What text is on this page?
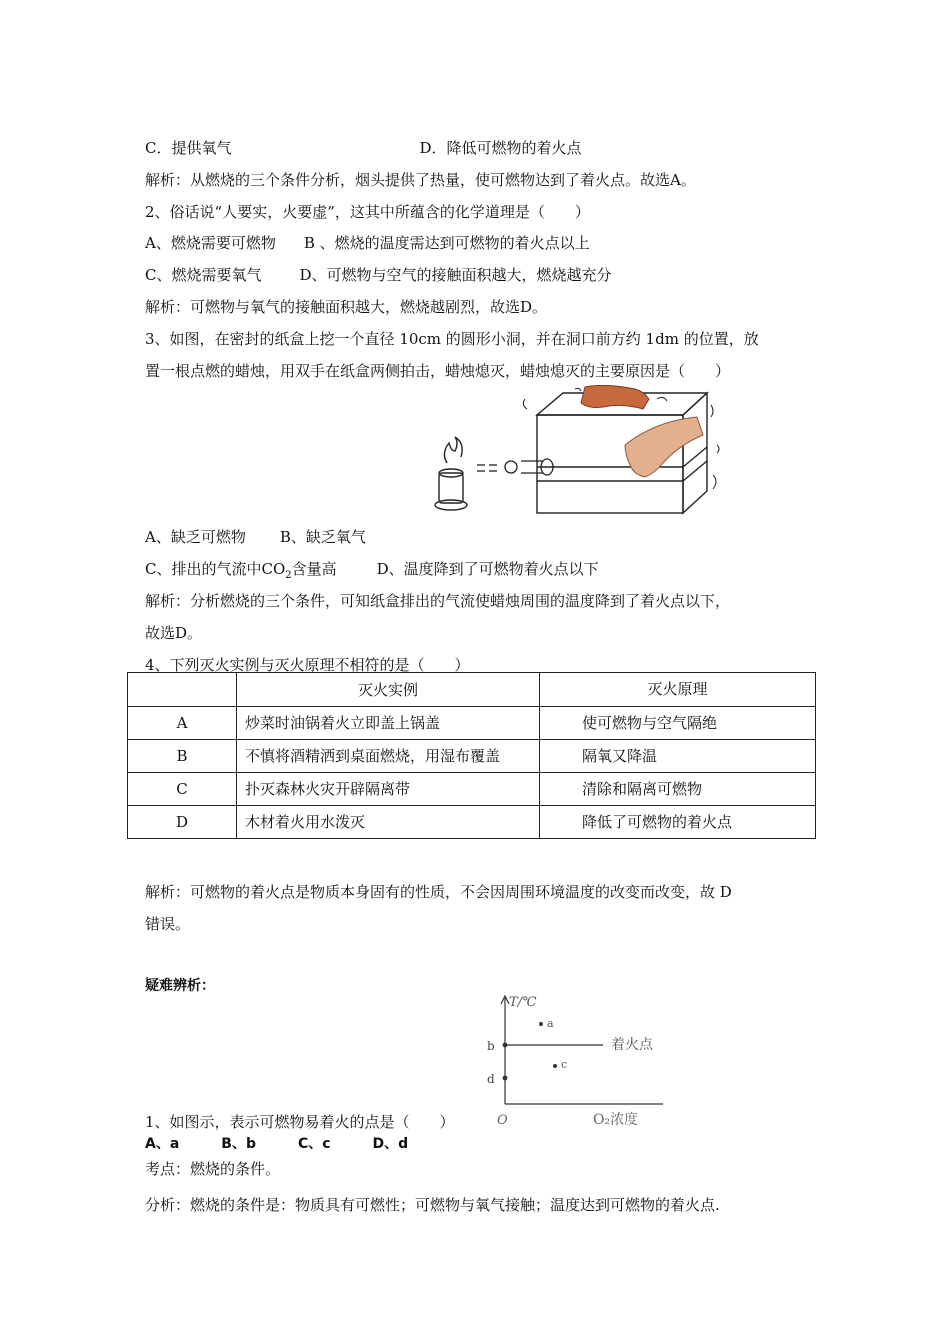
C．提供氧气	D．降低可燃物的着火点
解析：从燃烧的三个条件分析，烟头提供了热量，使可燃物达到了着火点。故选A。
2、俗话说“人要实，火要虚”，这其中所蕴含的化学道理是（　　）
A、燃烧需要可燃物 B 、燃烧的温度需达到可燃物的着火点以上
C、燃烧需要氧气	D、可燃物与空气的接触面积越大，燃烧越充分
解析：可燃物与氧气的接触面积越大，燃烧越剧烈，故选D。
3、如图，在密封的纸盒上挖一个直径 10cm 的圆形小洞，并在洞口前方约 1dm 的位置，放
置一根点燃的蜡烛，用双手在纸盒两侧拍击，蜡烛熄灭，蜡烛熄灭的主要原因是（　　）
A、缺乏可燃物 B、缺乏氧气
C、排出的气流中$CO_2$含量高	D、温度降到了可燃物着火点以下
解析：分析燃烧的三个条件，可知纸盒排出的气流使蜡烛周围的温度降到了着火点以下，
故选D。
4、下列灭火实例与灭火原理不相符的是（　　）
	灭火实例	灭火原理
A	炒菜时油锅着火立即盖上锅盖	使可燃物与空气隔绝
B	不慎将酒精洒到桌面燃烧，用湿布覆盖	隔氧又降温
C	扑灭森林火灾开辟隔离带	清除和隔离可燃物
D	木材着火用水泼灭	降低了可燃物的着火点
解析：可燃物的着火点是物质本身固有的性质，不会因周围环境温度的改变而改变，故 D
错误。
疑难辨析：
T/℃
O	O₂浓度
着火点
a
b
c
d
1、如图示，表示可燃物易着火的点是（　　）
A、a　　　B、b　　　C、c　　　D、d
考点：燃烧的条件。
分析：燃烧的条件是：物质具有可燃性；可燃物与氧气接触；温度达到可燃物的着火点.
